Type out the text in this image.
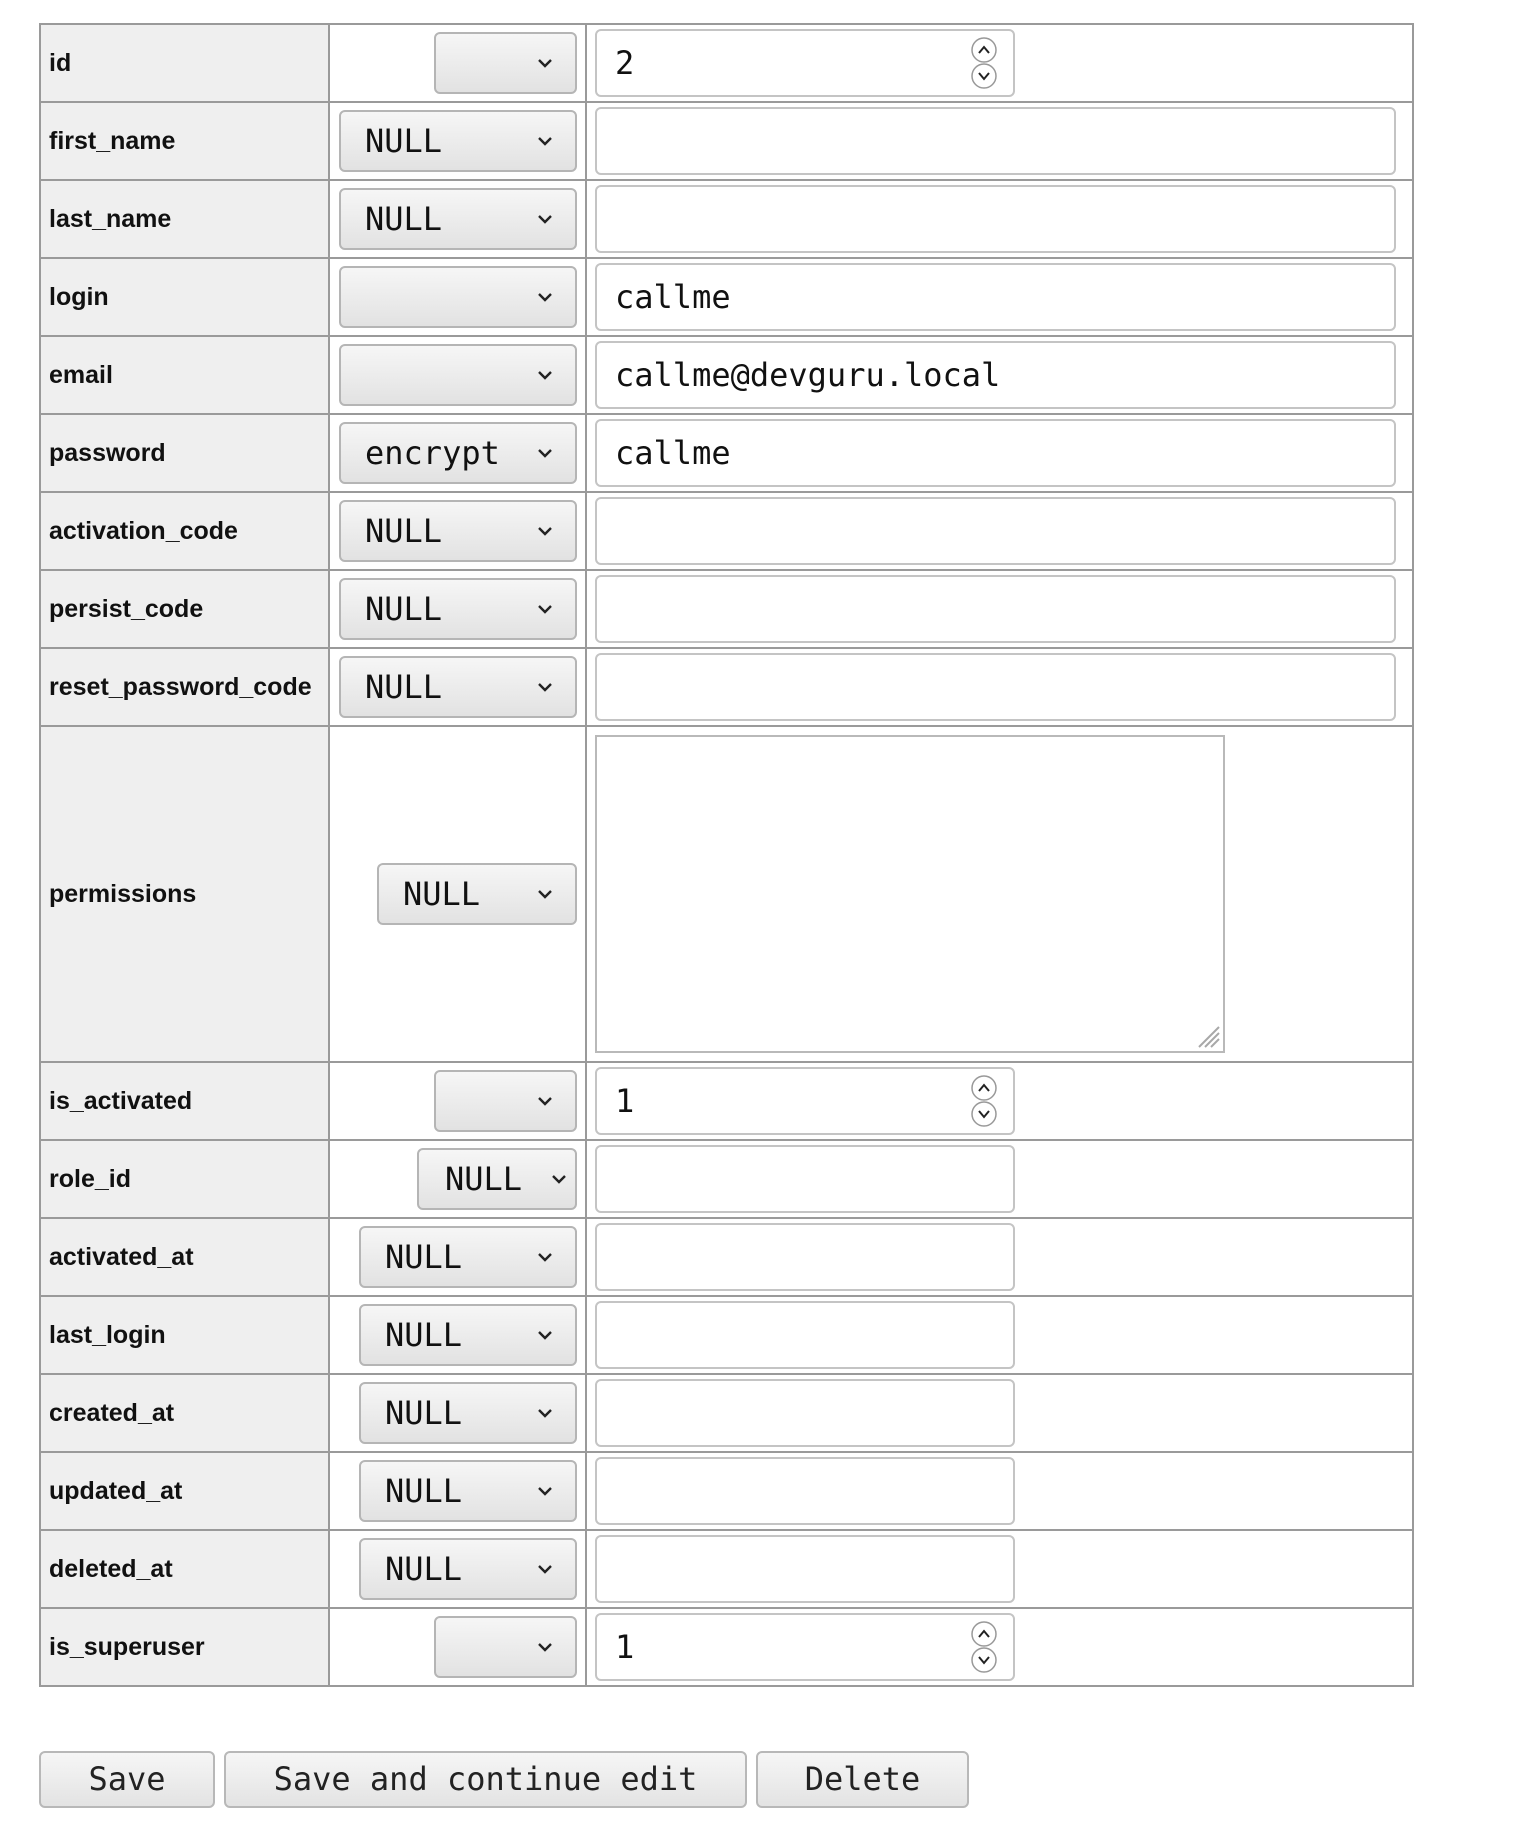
id		2

first_name	NULL

last_name	NULL

login		callme
email		callme@devguru.local
password	encrypt	callme
activation_code	NULL

persist_code	NULL

reset_password_code	NULL

permissions	NULL

is_activated		1

role_id	NULL

activated_at	NULL

last_login	NULL

created_at	NULL

updated_at	NULL

deleted_at	NULL

is_superuser		1
Save	Save and continue edit	Delete
